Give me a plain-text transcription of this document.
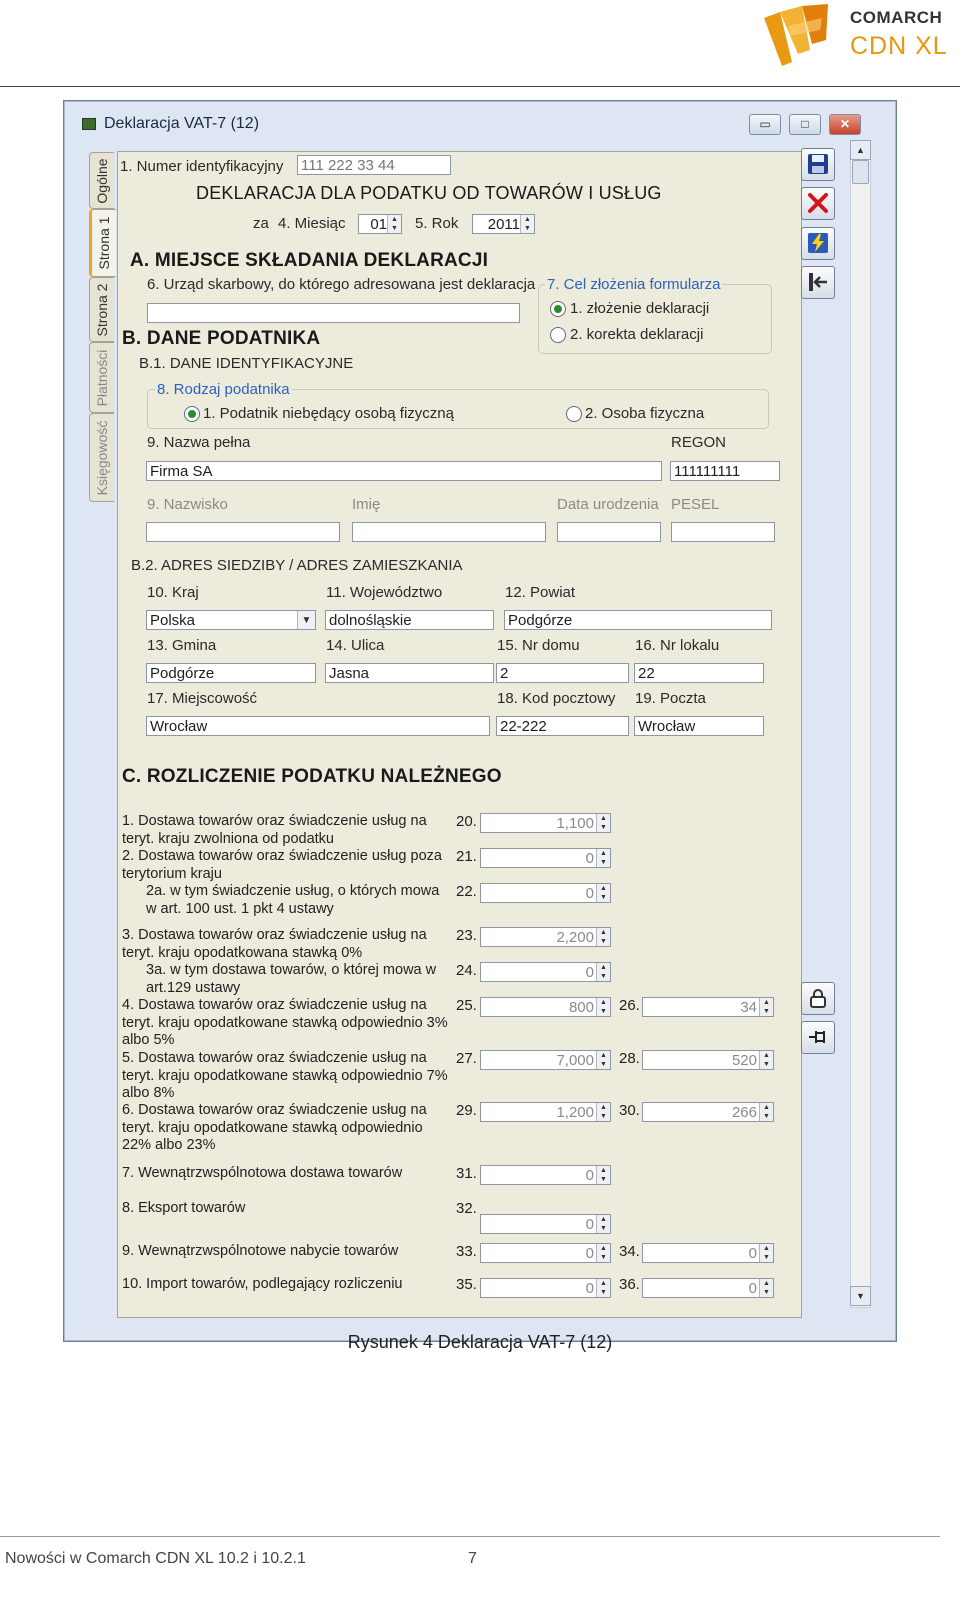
COMARCH
CDN XL
Deklaracja VAT-7 (12)	▭	□	✕
Ogólne
Strona 1
Strona 2
Płatności
Księgowość
1. Numer identyfikacyjny 111 222 33 44
DEKLARACJA DLA PODATKU OD TOWARÓW I USŁUG
za 4. Miesiąc	01 ▲
▼ 5. Rok	2011 ▲
▼
A. MIEJSCE SKŁADANIA DEKLARACJI
6. Urząd skarbowy, do którego adresowana jest deklaracja 7. Cel złożenia formularza
1. złożenie deklaracji
2. korekta deklaracji
B. DANE PODATNIKA
B.1. DANE IDENTYFIKACYJNE
8. Rodzaj podatnika
1. Podatnik niebędący osobą fizyczną	2. Osoba fizyczna
9. Nazwa pełna
Firma SA
REGON
111111111
9. Nazwisko	Imię	Data urodzenia PESEL
B.2. ADRES SIEDZIBY / ADRES ZAMIESZKANIA
10. Kraj
Polska	▼
11. Województwo
dolnośląskie
12. Powiat
Podgórze
13. Gmina
Podgórze
14. Ulica
Jasna
15. Nr domu
2
16. Nr lokalu
22
17. Miejscowość
Wrocław
18. Kod pocztowy
22-222
19. Poczta
Wrocław
C. ROZLICZENIE PODATKU NALEŻNEGO
1. Dostawa towarów oraz świadczenie usług na teryt. kraju zwolniona od podatku
20.	1,100 ▲
▼
2. Dostawa towarów oraz świadczenie usług poza terytorium kraju
21.	0 ▲
▼
2a. w tym świadczenie usług, o których mowa w art. 100 ust. 1 pkt 4 ustawy
22.	0 ▲
▼
3. Dostawa towarów oraz świadczenie usług na teryt. kraju opodatkowana stawką 0%
23.	2,200 ▲
▼
3a. w tym dostawa towarów, o której mowa w art.129 ustawy
24.	0 ▲
▼
4. Dostawa towarów oraz świadczenie usług na teryt. kraju opodatkowane stawką odpowiednio 3% albo 5%
25.	800 ▲
▼ 26.	34 ▲
▼
5. Dostawa towarów oraz świadczenie usług na teryt. kraju opodatkowane stawką odpowiednio 7% albo 8%
27.	7,000 ▲
▼ 28.	520 ▲
▼
6. Dostawa towarów oraz świadczenie usług na teryt. kraju opodatkowane stawką odpowiednio 22% albo 23%
29.	1,200 ▲
▼ 30.	266 ▲
▼
7. Wewnątrzwspólnotowa dostawa towarów	31.	0 ▲
▼
8. Eksport towarów	32.
0 ▲
▼
9. Wewnątrzwspólnotowe nabycie towarów	33.	0 ▲
▼ 34.	0 ▲
▼
10. Import towarów, podlegający rozliczeniu	35.	0 ▲
▼ 36.	0 ▲
▼
▲
▼
Rysunek 4 Deklaracja VAT-7 (12)
Nowości w Comarch CDN XL 10.2 i 10.2.1	7
